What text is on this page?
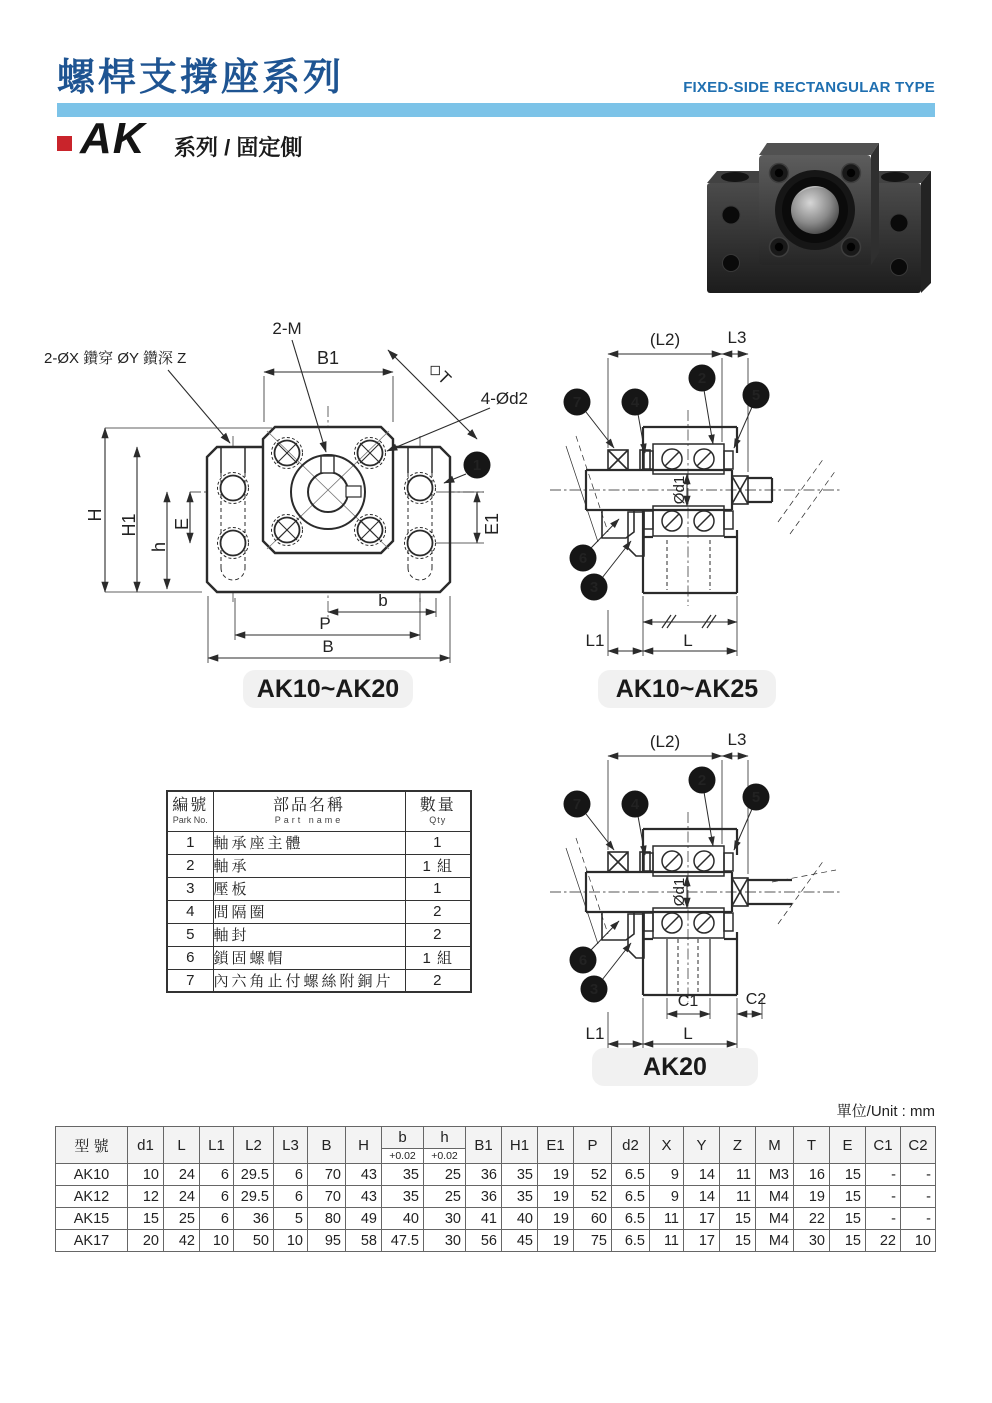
螺桿支撐座系列	FIXED-SIDE RECTANGULAR TYPE
AK 系列 / 固定側
H H1
h
E	E1
B1
2-M
◇T
4-Ød2
2-ØX 鑽穿 ØY 鑽深 Z
b
P
B
1
AK10~AK20
(L2)	L3
Ød1
L1	L
7	4
2
5
6
3
AK10~AK25
(L2)	L3
Ød1
C1	C2
L1	L
7	4
2
5
6
3
AK20
編號
Park No.	部品名稱
Part name	數量
Qty

1	軸承座主體	1
2	軸承	1 組
3	壓板	1
4	間隔圈	2
5	軸封	2
6	鎖固螺帽	1 組
7	內六角止付螺絲附銅片	2
單位/Unit : mm
型 號	d1	L	L1	L2	L3	B	H	b	h	B1	H1	E1	P	d2	X	Y	Z	M	T	E	C1	C2
								+0.02	+0.02													
AK10	10	24	6	29.5	6	70	43	35	25	36	35	19	52	6.5	9	14	11	M3	16	15	-	-
AK12	12	24	6	29.5	6	70	43	35	25	36	35	19	52	6.5	9	14	11	M4	19	15	-	-
AK15	15	25	6	36	5	80	49	40	30	41	40	19	60	6.5	11	17	15	M4	22	15	-	-
AK17	20	42	10	50	10	95	58	47.5	30	56	45	19	75	6.5	11	17	15	M4	30	15	22	10
